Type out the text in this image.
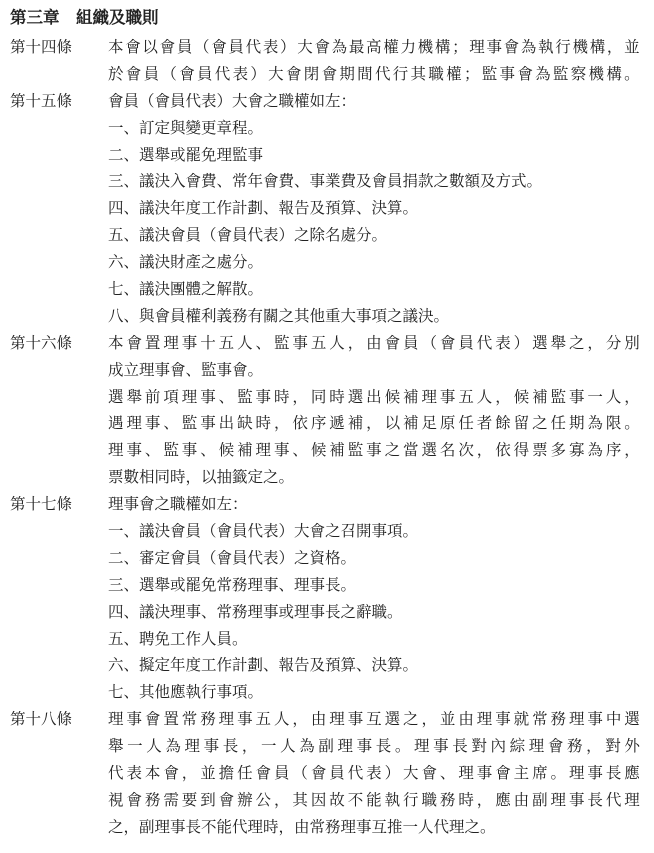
第三章　組織及職則
第十四條	本 會 以 會 員 （ 會 員 代 表 ） 大 會 為 最 高 權 力 機 構 ； 理 事 會 為 執 行 機 構 ， 並
於 會 員 （ 會 員 代 表 ） 大 會 閉 會 期 間 代 行 其 職 權 ； 監 事 會 為 監 察 機 構 。
第十五條	會員（會員代表）大會之職權如左：
一、訂定與變更章程。
二、選舉或罷免理監事
三、議決入會費、常年會費、事業費及會員捐款之數額及方式。
四、議決年度工作計劃、報告及預算、決算。
五、議決會員（會員代表）之除名處分。
六、議決財產之處分。
七、議決團體之解散。
八、與會員權利義務有關之其他重大事項之議決。
第十六條	本 會 置 理 事 十 五 人 、 監 事 五 人 ， 由 會 員 （ 會 員 代 表 ） 選 舉 之 ， 分 別
成立理事會、監事會。
選 舉 前 項 理 事 、 監 事 時 ， 同 時 選 出 候 補 理 事 五 人 ， 候 補 監 事 一 人 ，
遇 理 事 、 監 事 出 缺 時 ， 依 序 遞 補 ， 以 補 足 原 任 者 餘 留 之 任 期 為 限 。
理 事 、 監 事 、 候 補 理 事 、 候 補 監 事 之 當 選 名 次 ， 依 得 票 多 寡 為 序 ，
票數相同時，以抽籤定之。
第十七條	理事會之職權如左：
一、議決會員（會員代表）大會之召開事項。
二、審定會員（會員代表）之資格。
三、選舉或罷免常務理事、理事長。
四、議決理事、常務理事或理事長之辭職。
五、聘免工作人員。
六、擬定年度工作計劃、報告及預算、決算。
七、其他應執行事項。
第十八條	理 事 會 置 常 務 理 事 五 人 ， 由 理 事 互 選 之 ， 並 由 理 事 就 常 務 理 事 中 選
舉 一 人 為 理 事 長 ， 一 人 為 副 理 事 長 。 理 事 長 對 內 綜 理 會 務 ， 對 外
代 表 本 會 ， 並 擔 任 會 員 （ 會 員 代 表 ） 大 會 、 理 事 會 主 席 。 理 事 長 應
視 會 務 需 要 到 會 辦 公 ， 其 因 故 不 能 執 行 職 務 時 ， 應 由 副 理 事 長 代 理
之，副理事長不能代理時，由常務理事互推一人代理之。
